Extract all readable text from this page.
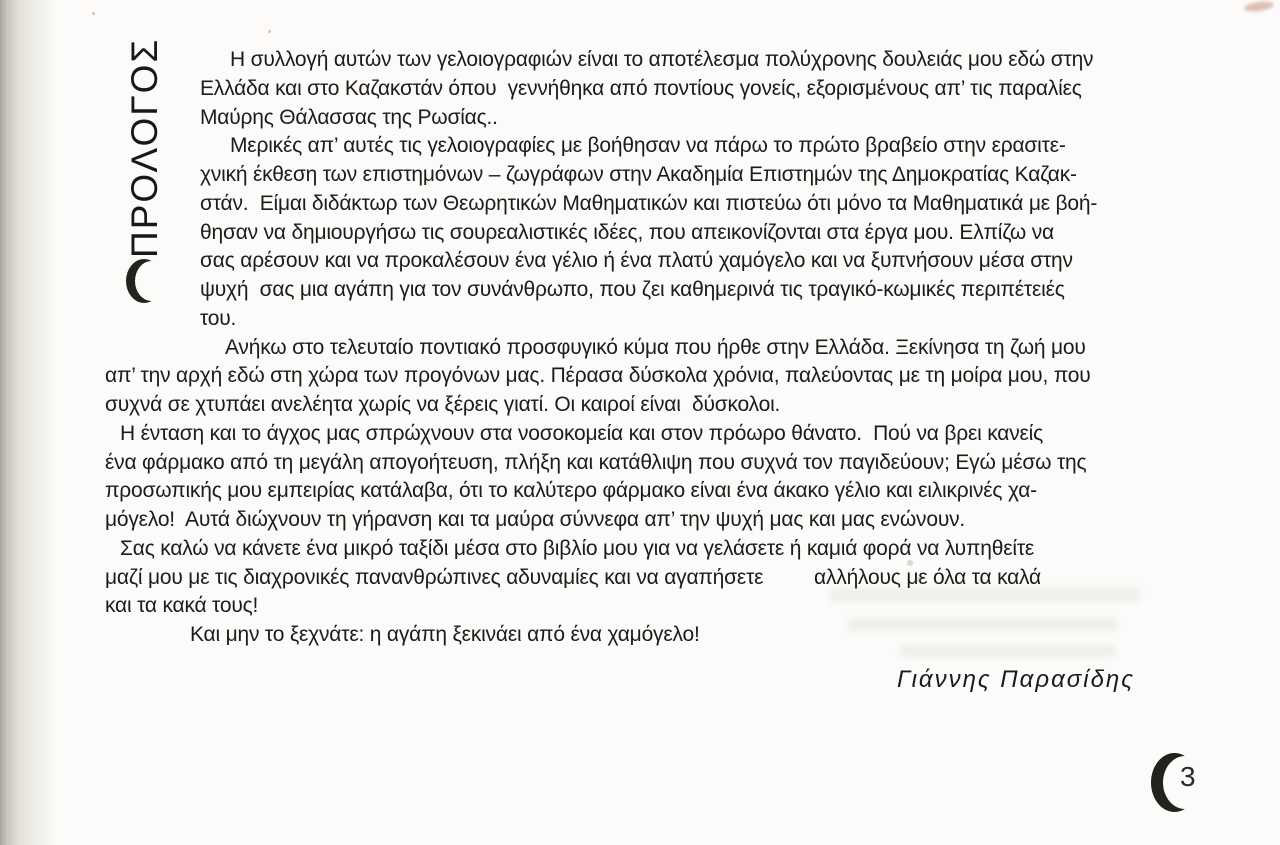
ΠΡΟΛΟΓΟΣ	Η συλλογή αυτών των γελοιογραφιών είναι το αποτέλεσμα πολύχρονης δουλειάς μου εδώ στην
Ελλάδα και στο Καζακστάν όπου  γεννήθηκα από ποντίους γονείς, εξορισμένους απ’ τις παραλίες
Μαύρης Θάλασσας της Ρωσίας..
Μερικές απ’ αυτές τις γελοιογραφίες με βοήθησαν να πάρω το πρώτο βραβείο στην ερασιτε-
χνική έκθεση των επιστημόνων – ζωγράφων στην Ακαδημία Επιστημών της Δημοκρατίας Καζακ-
στάν.  Είμαι διδάκτωρ των Θεωρητικών Μαθηματικών και πιστεύω ότι μόνο τα Μαθηματικά με βοή-
θησαν να δημιουργήσω τις σουρεαλιστικές ιδέες, που απεικονίζονται στα έργα μου. Ελπίζω να
σας αρέσουν και να προκαλέσουν ένα γέλιο ή ένα πλατύ χαμόγελο και να ξυπνήσουν μέσα στην
ψυχή  σας μια αγάπη για τον συνάνθρωπο, που ζει καθημερινά τις τραγικό-κωμικές περιπέτειές
του.
Ανήκω στο τελευταίο ποντιακό προσφυγικό κύμα που ήρθε στην Ελλάδα. Ξεκίνησα τη ζωή μου
απ’ την αρχή εδώ στη χώρα των προγόνων μας. Πέρασα δύσκολα χρόνια, παλεύοντας με τη μοίρα μου, που
συχνά σε χτυπάει ανελέητα χωρίς να ξέρεις γιατί. Οι καιροί είναι  δύσκολοι.
Η ένταση και το άγχος μας σπρώχνουν στα νοσοκομεία και στον πρόωρο θάνατο.  Πού να βρει κανείς
ένα φάρμακο από τη μεγάλη απογοήτευση, πλήξη και κατάθλιψη που συχνά τον παγιδεύουν; Εγώ μέσω της
προσωπικής μου εμπειρίας κατάλαβα, ότι το καλύτερο φάρμακο είναι ένα άκακο γέλιο και ειλικρινές χα-
μόγελο!  Αυτά διώχνουν τη γήρανση και τα μαύρα σύννεφα απ’ την ψυχή μας και μας ενώνουν.
Σας καλώ να κάνετε ένα μικρό ταξίδι μέσα στο βιβλίο μου για να γελάσετε ή καμιά φορά να λυπηθείτε
μαζί μου με τις διαχρονικές πανανθρώπινες αδυναμίες και να αγαπήσετε         αλλήλους με όλα τα καλά
και τα κακά τους!
Και μην το ξεχνάτε: η αγάπη ξεκινάει από ένα χαμόγελο!
Γιάννης Παρασίδης
3
